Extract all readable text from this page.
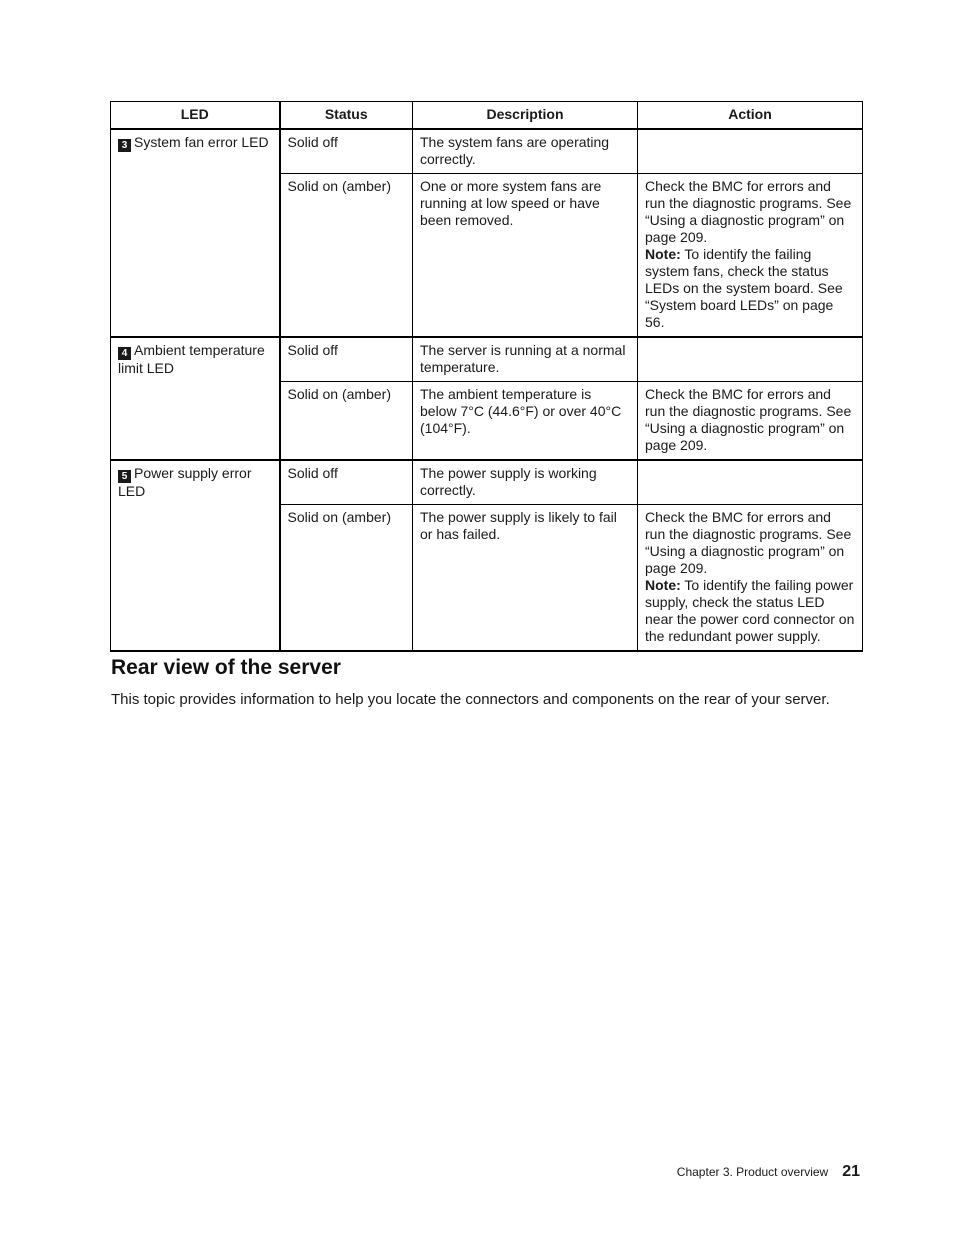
LED	Status	Description	Action
3 System fan error LED	Solid off	The system fans are operating correctly.	
	Solid on (amber)	One or more system fans are running at low speed or have been removed.	Check the BMC for errors and run the diagnostic programs. See “Using a diagnostic program” on page 209.
Note: To identify the failing system fans, check the status LEDs on the system board. See “System board LEDs” on page 56.
4 Ambient temperature limit LED	Solid off	The server is running at a normal temperature.	
	Solid on (amber)	The ambient temperature is below 7°C (44.6°F) or over 40°C (104°F).	Check the BMC for errors and run the diagnostic programs. See “Using a diagnostic program” on page 209.
5 Power supply error LED	Solid off	The power supply is working correctly.	
	Solid on (amber)	The power supply is likely to fail or has failed.	Check the BMC for errors and run the diagnostic programs. See “Using a diagnostic program” on page 209.
Note: To identify the failing power supply, check the status LED near the power cord connector on the redundant power supply.
Rear view of the server

This topic provides information to help you locate the connectors and components on the rear of your server.

Chapter 3. Product overview 21
